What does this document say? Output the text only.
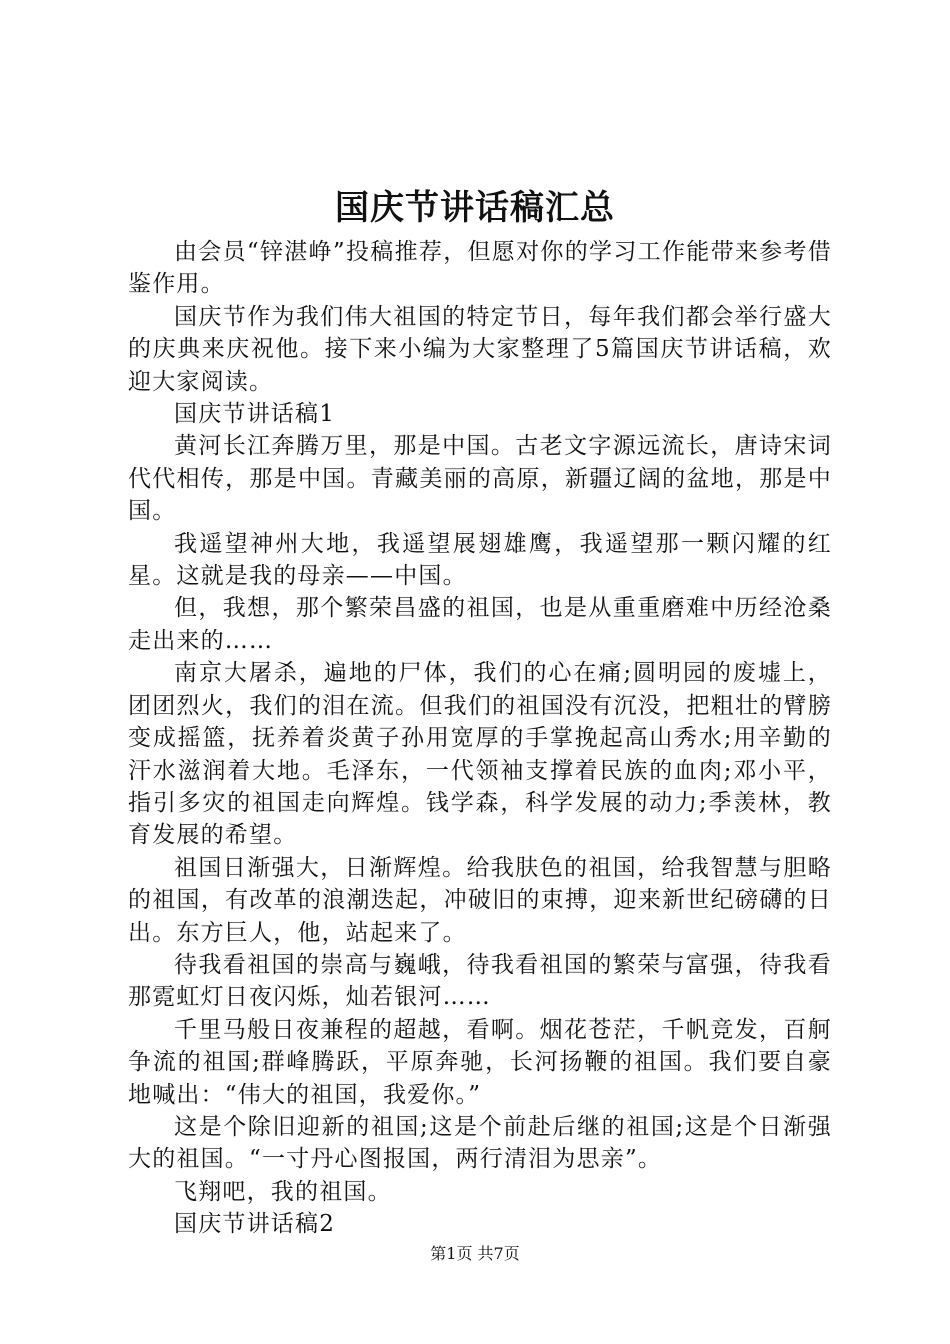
国庆节讲话稿汇总

由会员“锌湛峥”投稿推荐，但愿对你的学习工作能带来参考借鉴作用。

国庆节作为我们伟大祖国的特定节日，每年我们都会举行盛大的庆典来庆祝他。接下来小编为大家整理了5篇国庆节讲话稿，欢迎大家阅读。

国庆节讲话稿1

黄河长江奔腾万里，那是中国。古老文字源远流长，唐诗宋词代代相传，那是中国。青藏美丽的高原，新疆辽阔的盆地，那是中国。

我遥望神州大地，我遥望展翅雄鹰，我遥望那一颗闪耀的红星。这就是我的母亲——中国。

但，我想，那个繁荣昌盛的祖国，也是从重重磨难中历经沧桑走出来的……

南京大屠杀，遍地的尸体，我们的心在痛;圆明园的废墟上，团团烈火，我们的泪在流。但我们的祖国没有沉没，把粗壮的臂膀变成摇篮，抚养着炎黄子孙用宽厚的手掌挽起高山秀水;用辛勤的汗水滋润着大地。毛泽东，一代领袖支撑着民族的血肉;邓小平，指引多灾的祖国走向辉煌。钱学森，科学发展的动力;季羡林，教育发展的希望。

祖国日渐强大，日渐辉煌。给我肤色的祖国，给我智慧与胆略的祖国，有改革的浪潮迭起，冲破旧的束搏，迎来新世纪磅礴的日出。东方巨人，他，站起来了。

待我看祖国的崇高与巍峨，待我看祖国的繁荣与富强，待我看那霓虹灯日夜闪烁，灿若银河……

千里马般日夜兼程的超越，看啊。烟花苍茫，千帆竞发，百舸争流的祖国;群峰腾跃，平原奔驰，长河扬鞭的祖国。我们要自豪地喊出：“伟大的祖国，我爱你。”

这是个除旧迎新的祖国;这是个前赴后继的祖国;这是个日渐强大的祖国。“一寸丹心图报国，两行清泪为思亲”。

飞翔吧，我的祖国。

国庆节讲话稿2

第1页 共7页
